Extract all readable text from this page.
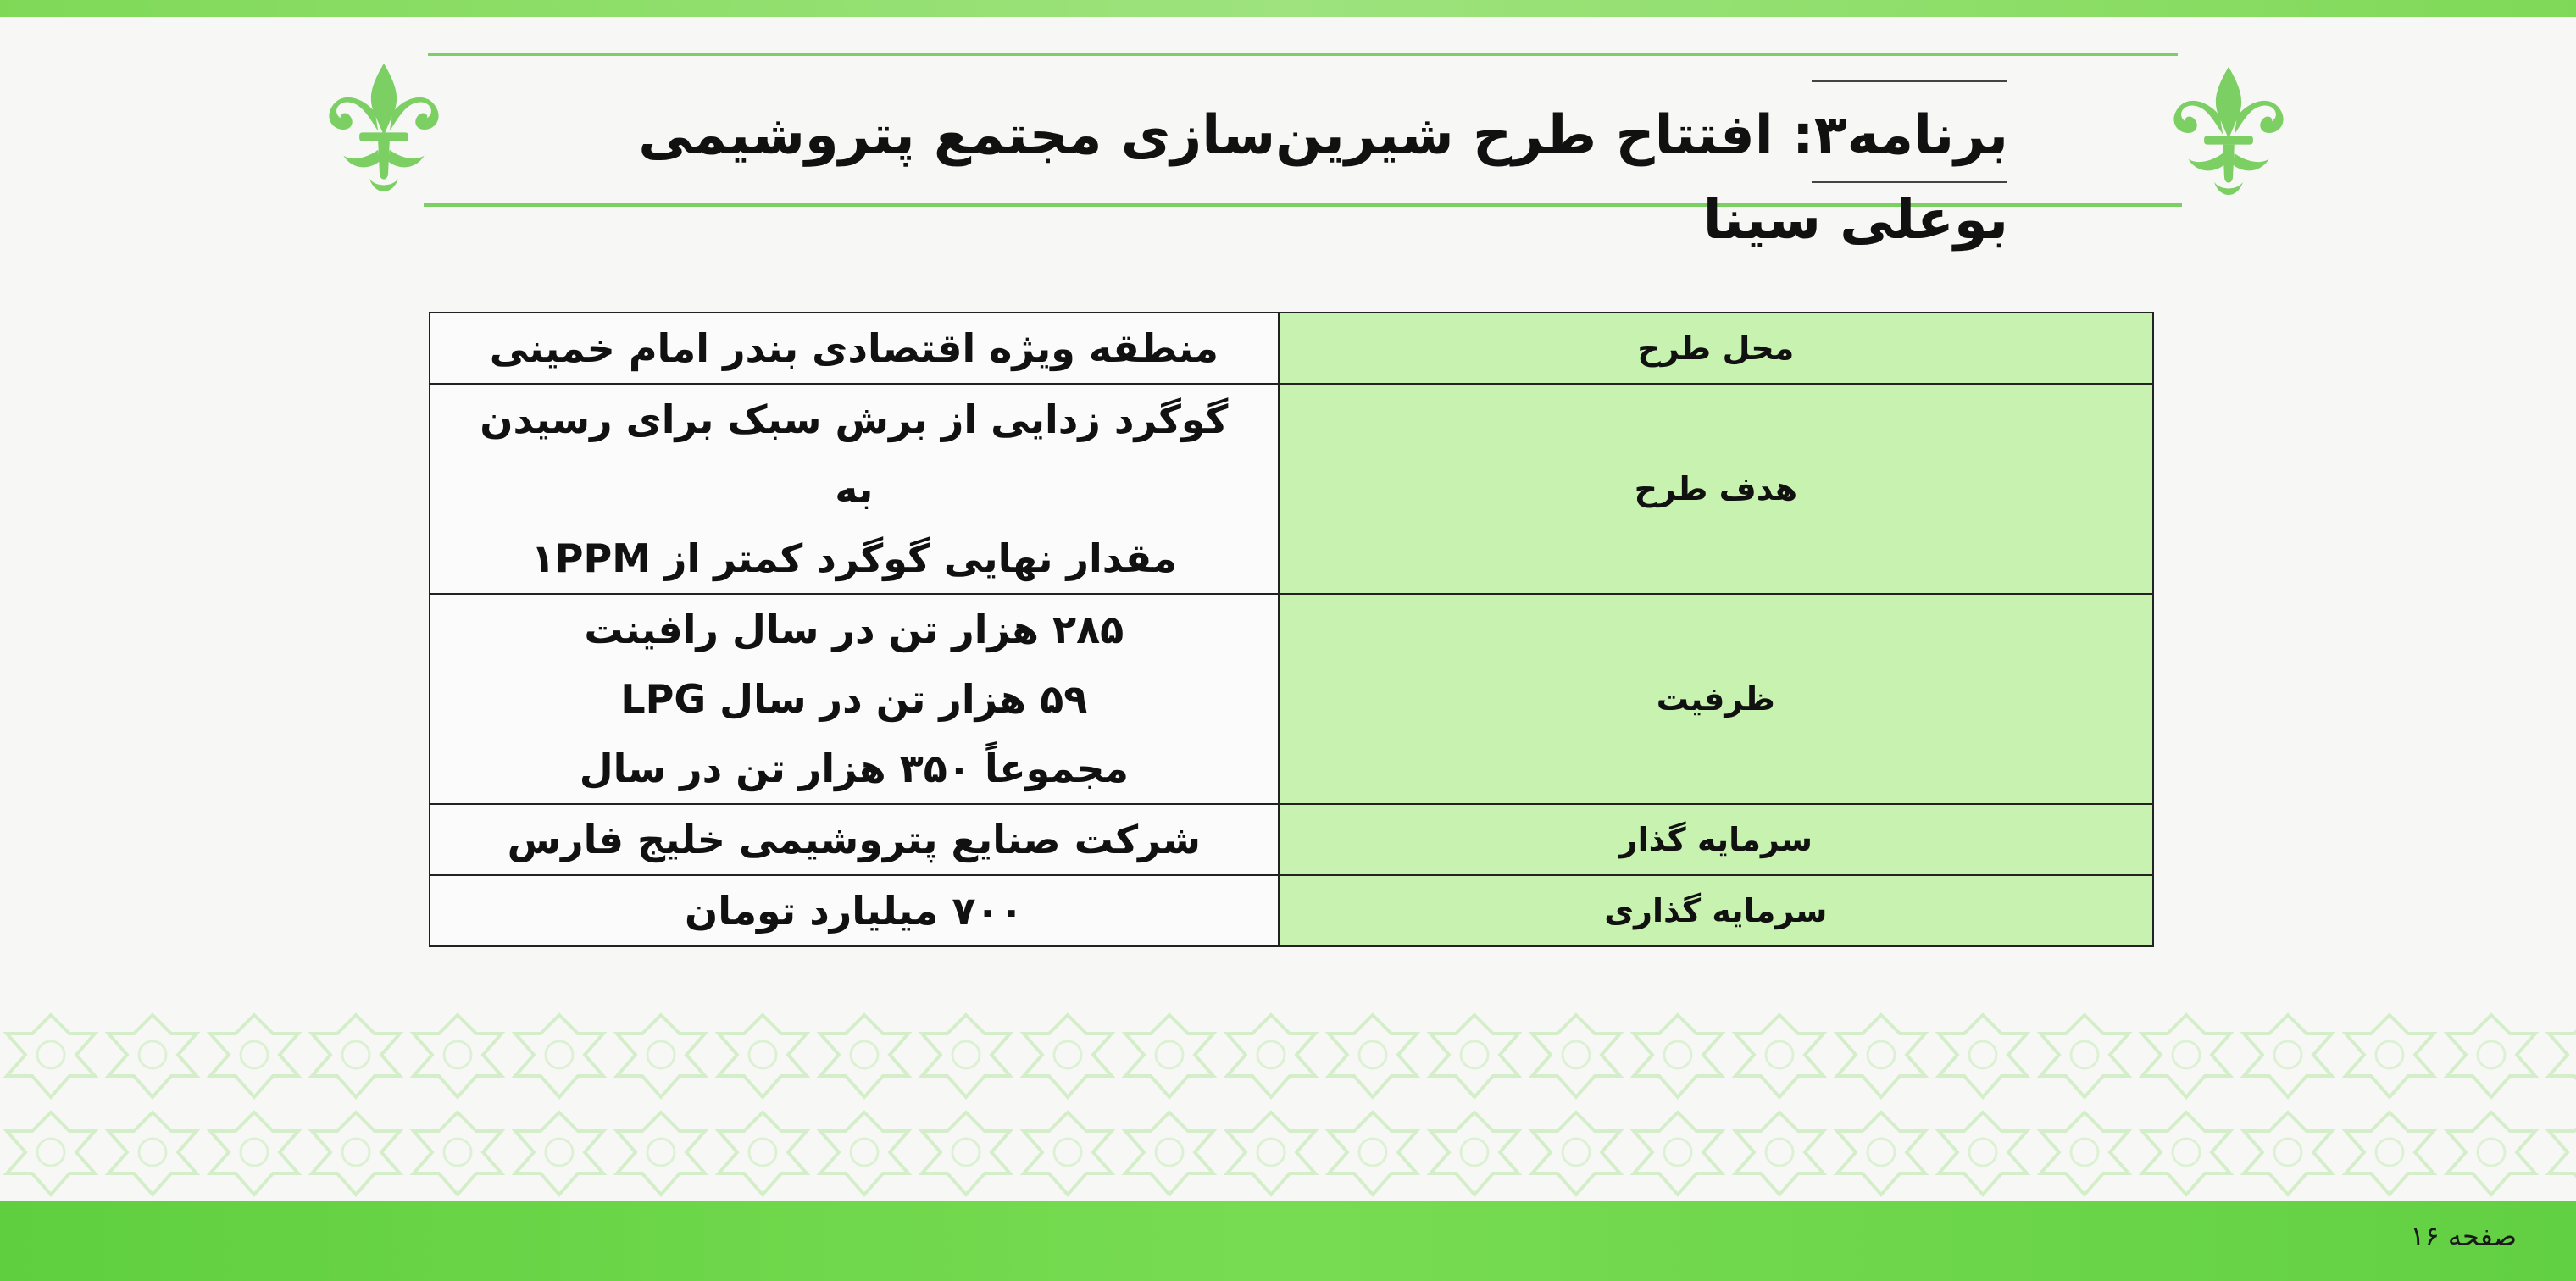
برنامه۳: افتتاح طرح شیرین‌سازی مجتمع پتروشیمی بوعلی سینا
منطقه ویژه اقتصادی بندر امام خمینی	محل طرح

گوگرد زدایی از برش سبک برای رسیدن به
مقدار نهایی گوگرد کمتر از ۱PPM	هدف طرح

۲۸۵ هزار تن در سال رافینت
۵۹ هزار تن در سال LPG
مجموعاً ۳۵۰ هزار تن در سال	ظرفیت

شرکت صنایع پتروشیمی خلیج فارس	سرمایه گذار

۷۰۰ میلیارد تومان	سرمایه گذاری
صفحه ۱۶
